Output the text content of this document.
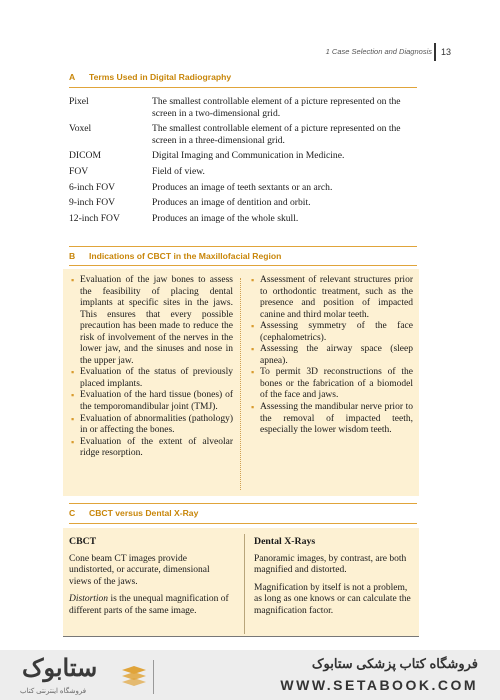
1 Case Selection and Diagnosis 13
A Terms Used in Digital Radiography
Pixel	The smallest controllable element of a picture represented on the screen in a two-dimensional grid.
Voxel	The smallest controllable element of a picture represented on the screen in a three-dimensional grid.
DICOM	Digital Imaging and Communication in Medicine.
FOV	Field of view.
6-inch FOV	Produces an image of teeth sextants or an arch.
9-inch FOV	Produces an image of dentition and orbit.
12-inch FOV	Produces an image of the whole skull.
B Indications of CBCT in the Maxillofacial Region

▪ Evaluation of the jaw bones to assess the feasibility of placing dental implants at specific sites in the jaws. This ensures that every possible precaution has been made to reduce the risk of involvement of the nerves in the lower jaw, and the sinuses and nose in the upper jaw.

▪ Evaluation of the status of previously placed implants.

▪ Evaluation of the hard tissue (bones) of the temporomandibular joint (TMJ).

▪ Evaluation of abnormalities (pathology) in or affecting the bones.

▪ Evaluation of the extent of alveolar ridge resorption.

▪ Assessment of relevant structures prior to orthodontic treatment, such as the presence and position of impacted canine and third molar teeth.

▪ Assessing symmetry of the face (cephalometrics).

▪ Assessing the airway space (sleep apnea).

▪ To permit 3D reconstructions of the bones or the fabrication of a biomodel of the face and jaws.

▪ Assessing the mandibular nerve prior to the removal of impacted teeth, especially the lower wisdom teeth.

C CBCT versus Dental X-Ray
CBCT

Cone beam CT images provide undistorted, or accurate, dimensional views of the jaws.

Distortion is the unequal magnification of different parts of the same image.

Dental X-Rays

Panoramic images, by contrast, are both magnified and distorted.

Magnification by itself is not a problem, as long as one knows or can calculate the magnification factor.

ستابوک
فروشگاه اینترنتی کتاب
فروشگاه کتاب پزشکی ستابوک
WWW.SETABOOK.COM
